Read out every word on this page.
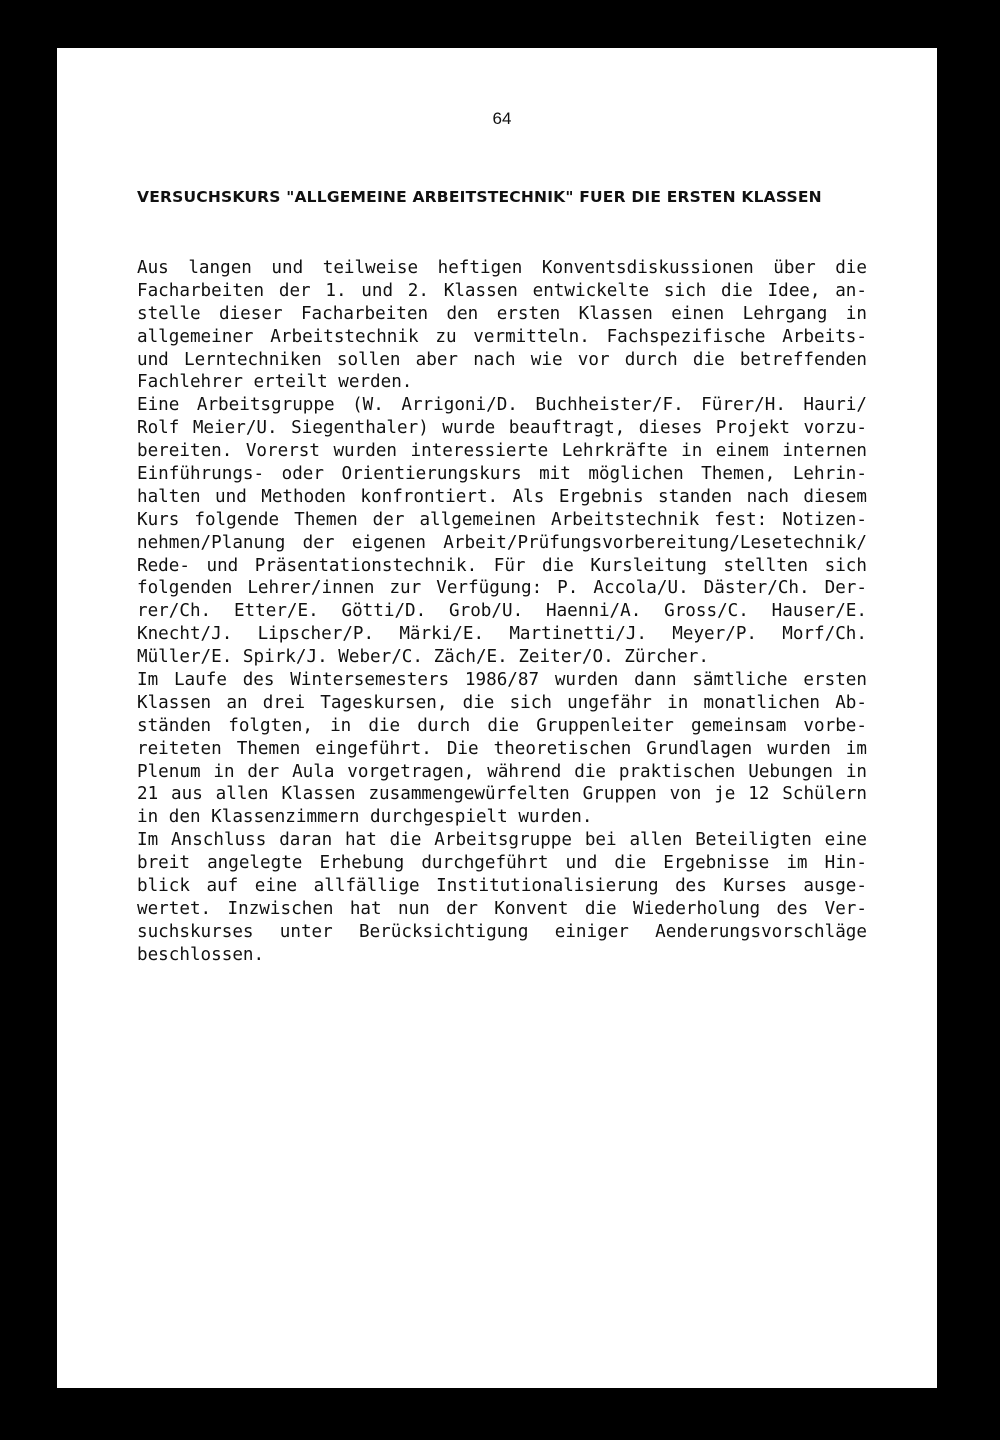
64
VERSUCHSKURS "ALLGEMEINE ARBEITSTECHNIK" FUER DIE ERSTEN KLASSEN
Aus langen und teilweise heftigen Konventsdiskussionen über die
Facharbeiten der 1. und 2. Klassen entwickelte sich die Idee, an-
stelle dieser Facharbeiten den ersten Klassen einen Lehrgang in
allgemeiner Arbeitstechnik zu vermitteln. Fachspezifische Arbeits-
und Lerntechniken sollen aber nach wie vor durch die betreffenden
Fachlehrer erteilt werden.
Eine Arbeitsgruppe (W. Arrigoni/D. Buchheister/F. Fürer/H. Hauri/
Rolf Meier/U. Siegenthaler) wurde beauftragt, dieses Projekt vorzu-
bereiten. Vorerst wurden interessierte Lehrkräfte in einem internen
Einführungs- oder Orientierungskurs mit möglichen Themen, Lehrin-
halten und Methoden konfrontiert. Als Ergebnis standen nach diesem
Kurs folgende Themen der allgemeinen Arbeitstechnik fest: Notizen-
nehmen/Planung der eigenen Arbeit/Prüfungsvorbereitung/Lesetechnik/
Rede- und Präsentationstechnik. Für die Kursleitung stellten sich
folgenden Lehrer/innen zur Verfügung: P. Accola/U. Däster/Ch. Der-
rer/Ch. Etter/E. Götti/D. Grob/U. Haenni/A. Gross/C. Hauser/E.
Knecht/J. Lipscher/P. Märki/E. Martinetti/J. Meyer/P. Morf/Ch.
Müller/E. Spirk/J. Weber/C. Zäch/E. Zeiter/O. Zürcher.
Im Laufe des Wintersemesters 1986/87 wurden dann sämtliche ersten
Klassen an drei Tageskursen, die sich ungefähr in monatlichen Ab-
ständen folgten, in die durch die Gruppenleiter gemeinsam vorbe-
reiteten Themen eingeführt. Die theoretischen Grundlagen wurden im
Plenum in der Aula vorgetragen, während die praktischen Uebungen in
21 aus allen Klassen zusammengewürfelten Gruppen von je 12 Schülern
in den Klassenzimmern durchgespielt wurden.
Im Anschluss daran hat die Arbeitsgruppe bei allen Beteiligten eine
breit angelegte Erhebung durchgeführt und die Ergebnisse im Hin-
blick auf eine allfällige Institutionalisierung des Kurses ausge-
wertet. Inzwischen hat nun der Konvent die Wiederholung des Ver-
suchskurses unter Berücksichtigung einiger Aenderungsvorschläge
beschlossen.
